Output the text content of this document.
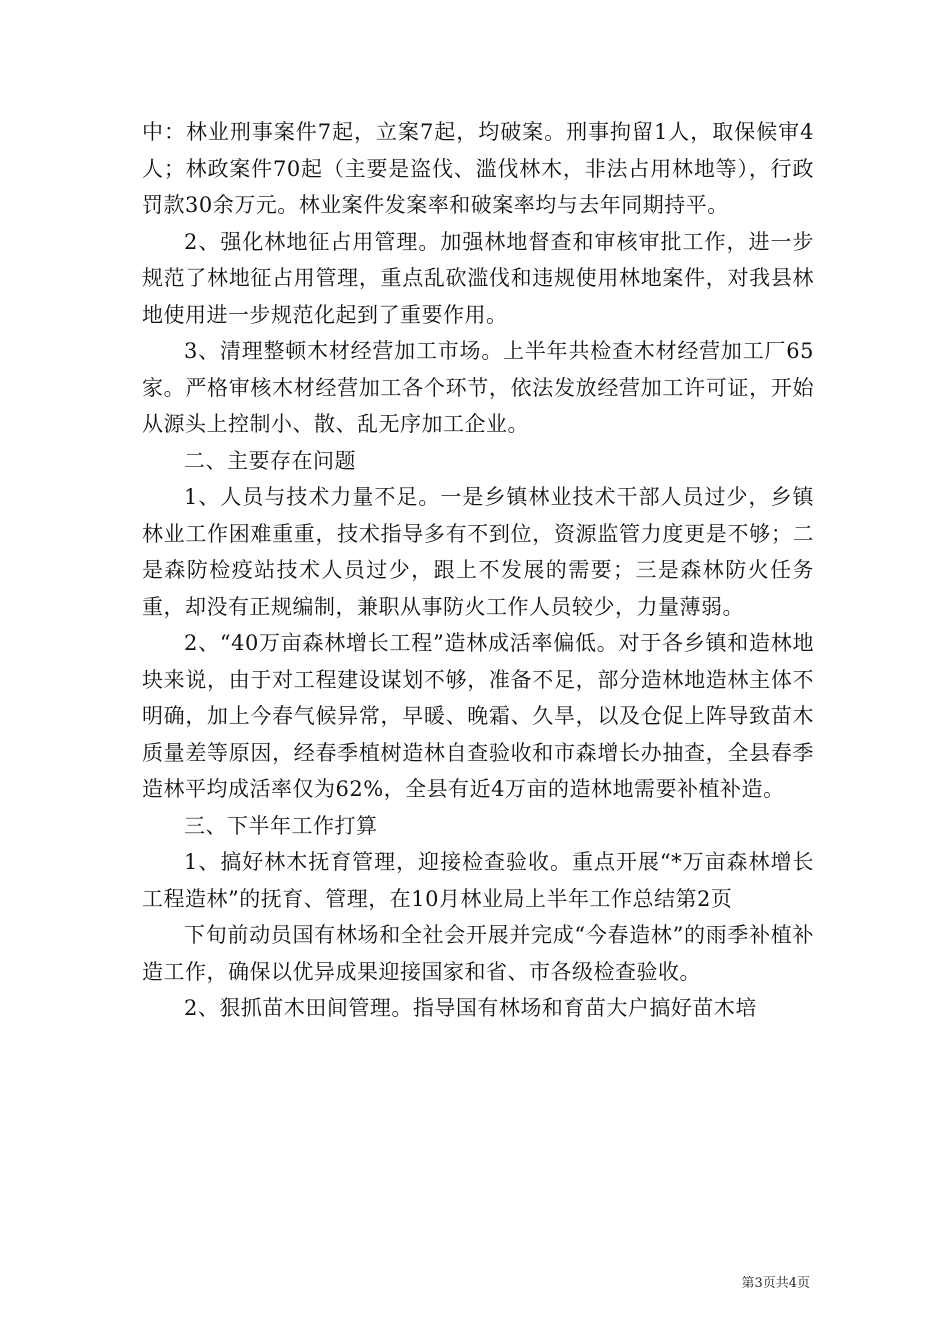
中：林业刑事案件7起，立案7起，均破案。刑事拘留1人，取保候审4人；林政案件70起（主要是盗伐、滥伐林木，非法占用林地等），行政罚款30余万元。林业案件发案率和破案率均与去年同期持平。

2、强化林地征占用管理。加强林地督查和审核审批工作，进一步规范了林地征占用管理，重点乱砍滥伐和违规使用林地案件，对我县林地使用进一步规范化起到了重要作用。

3、清理整顿木材经营加工市场。上半年共检查木材经营加工厂65家。严格审核木材经营加工各个环节，依法发放经营加工许可证，开始从源头上控制小、散、乱无序加工企业。

二、主要存在问题

1、人员与技术力量不足。一是乡镇林业技术干部人员过少，乡镇林业工作困难重重，技术指导多有不到位，资源监管力度更是不够；二是森防检疫站技术人员过少，跟上不发展的需要；三是森林防火任务重，却没有正规编制，兼职从事防火工作人员较少，力量薄弱。

2、“40万亩森林增长工程”造林成活率偏低。对于各乡镇和造林地块来说，由于对工程建设谋划不够，准备不足，部分造林地造林主体不明确，加上今春气候异常，早暖、晚霜、久旱，以及仓促上阵导致苗木质量差等原因，经春季植树造林自查验收和市森增长办抽查，全县春季造林平均成活率仅为62%，全县有近4万亩的造林地需要补植补造。

三、下半年工作打算

1、搞好林木抚育管理，迎接检查验收。重点开展“*万亩森林增长工程造林”的抚育、管理，在10月林业局上半年工作总结第2页

下旬前动员国有林场和全社会开展并完成“今春造林”的雨季补植补造工作，确保以优异成果迎接国家和省、市各级检查验收。

2、狠抓苗木田间管理。指导国有林场和育苗大户搞好苗木培

第3页共4页
